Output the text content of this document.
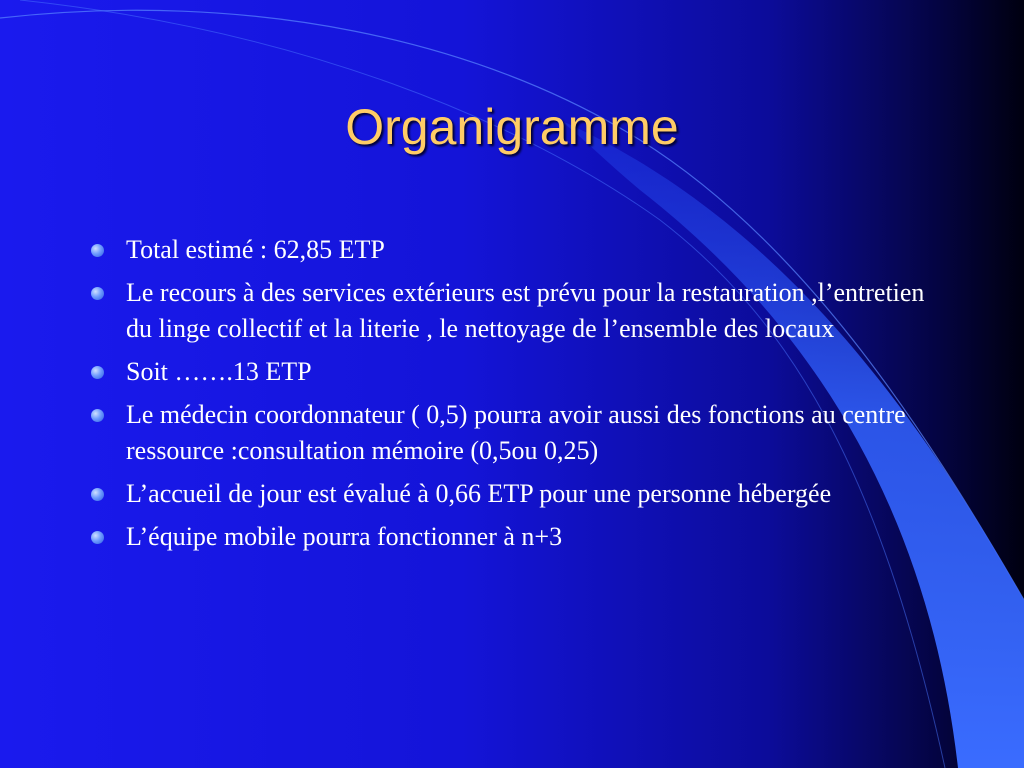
Organigramme
Total estimé : 62,85 ETP
Le recours à des services extérieurs est prévu pour la restauration ,l’entretien du linge collectif et la literie , le nettoyage de l’ensemble des locaux
Soit …….13 ETP
Le médecin coordonnateur ( 0,5) pourra avoir aussi des fonctions au centre ressource :consultation mémoire (0,5ou 0,25)
L’accueil de jour est évalué à 0,66 ETP pour une personne hébergée
L’équipe mobile pourra fonctionner à n+3
